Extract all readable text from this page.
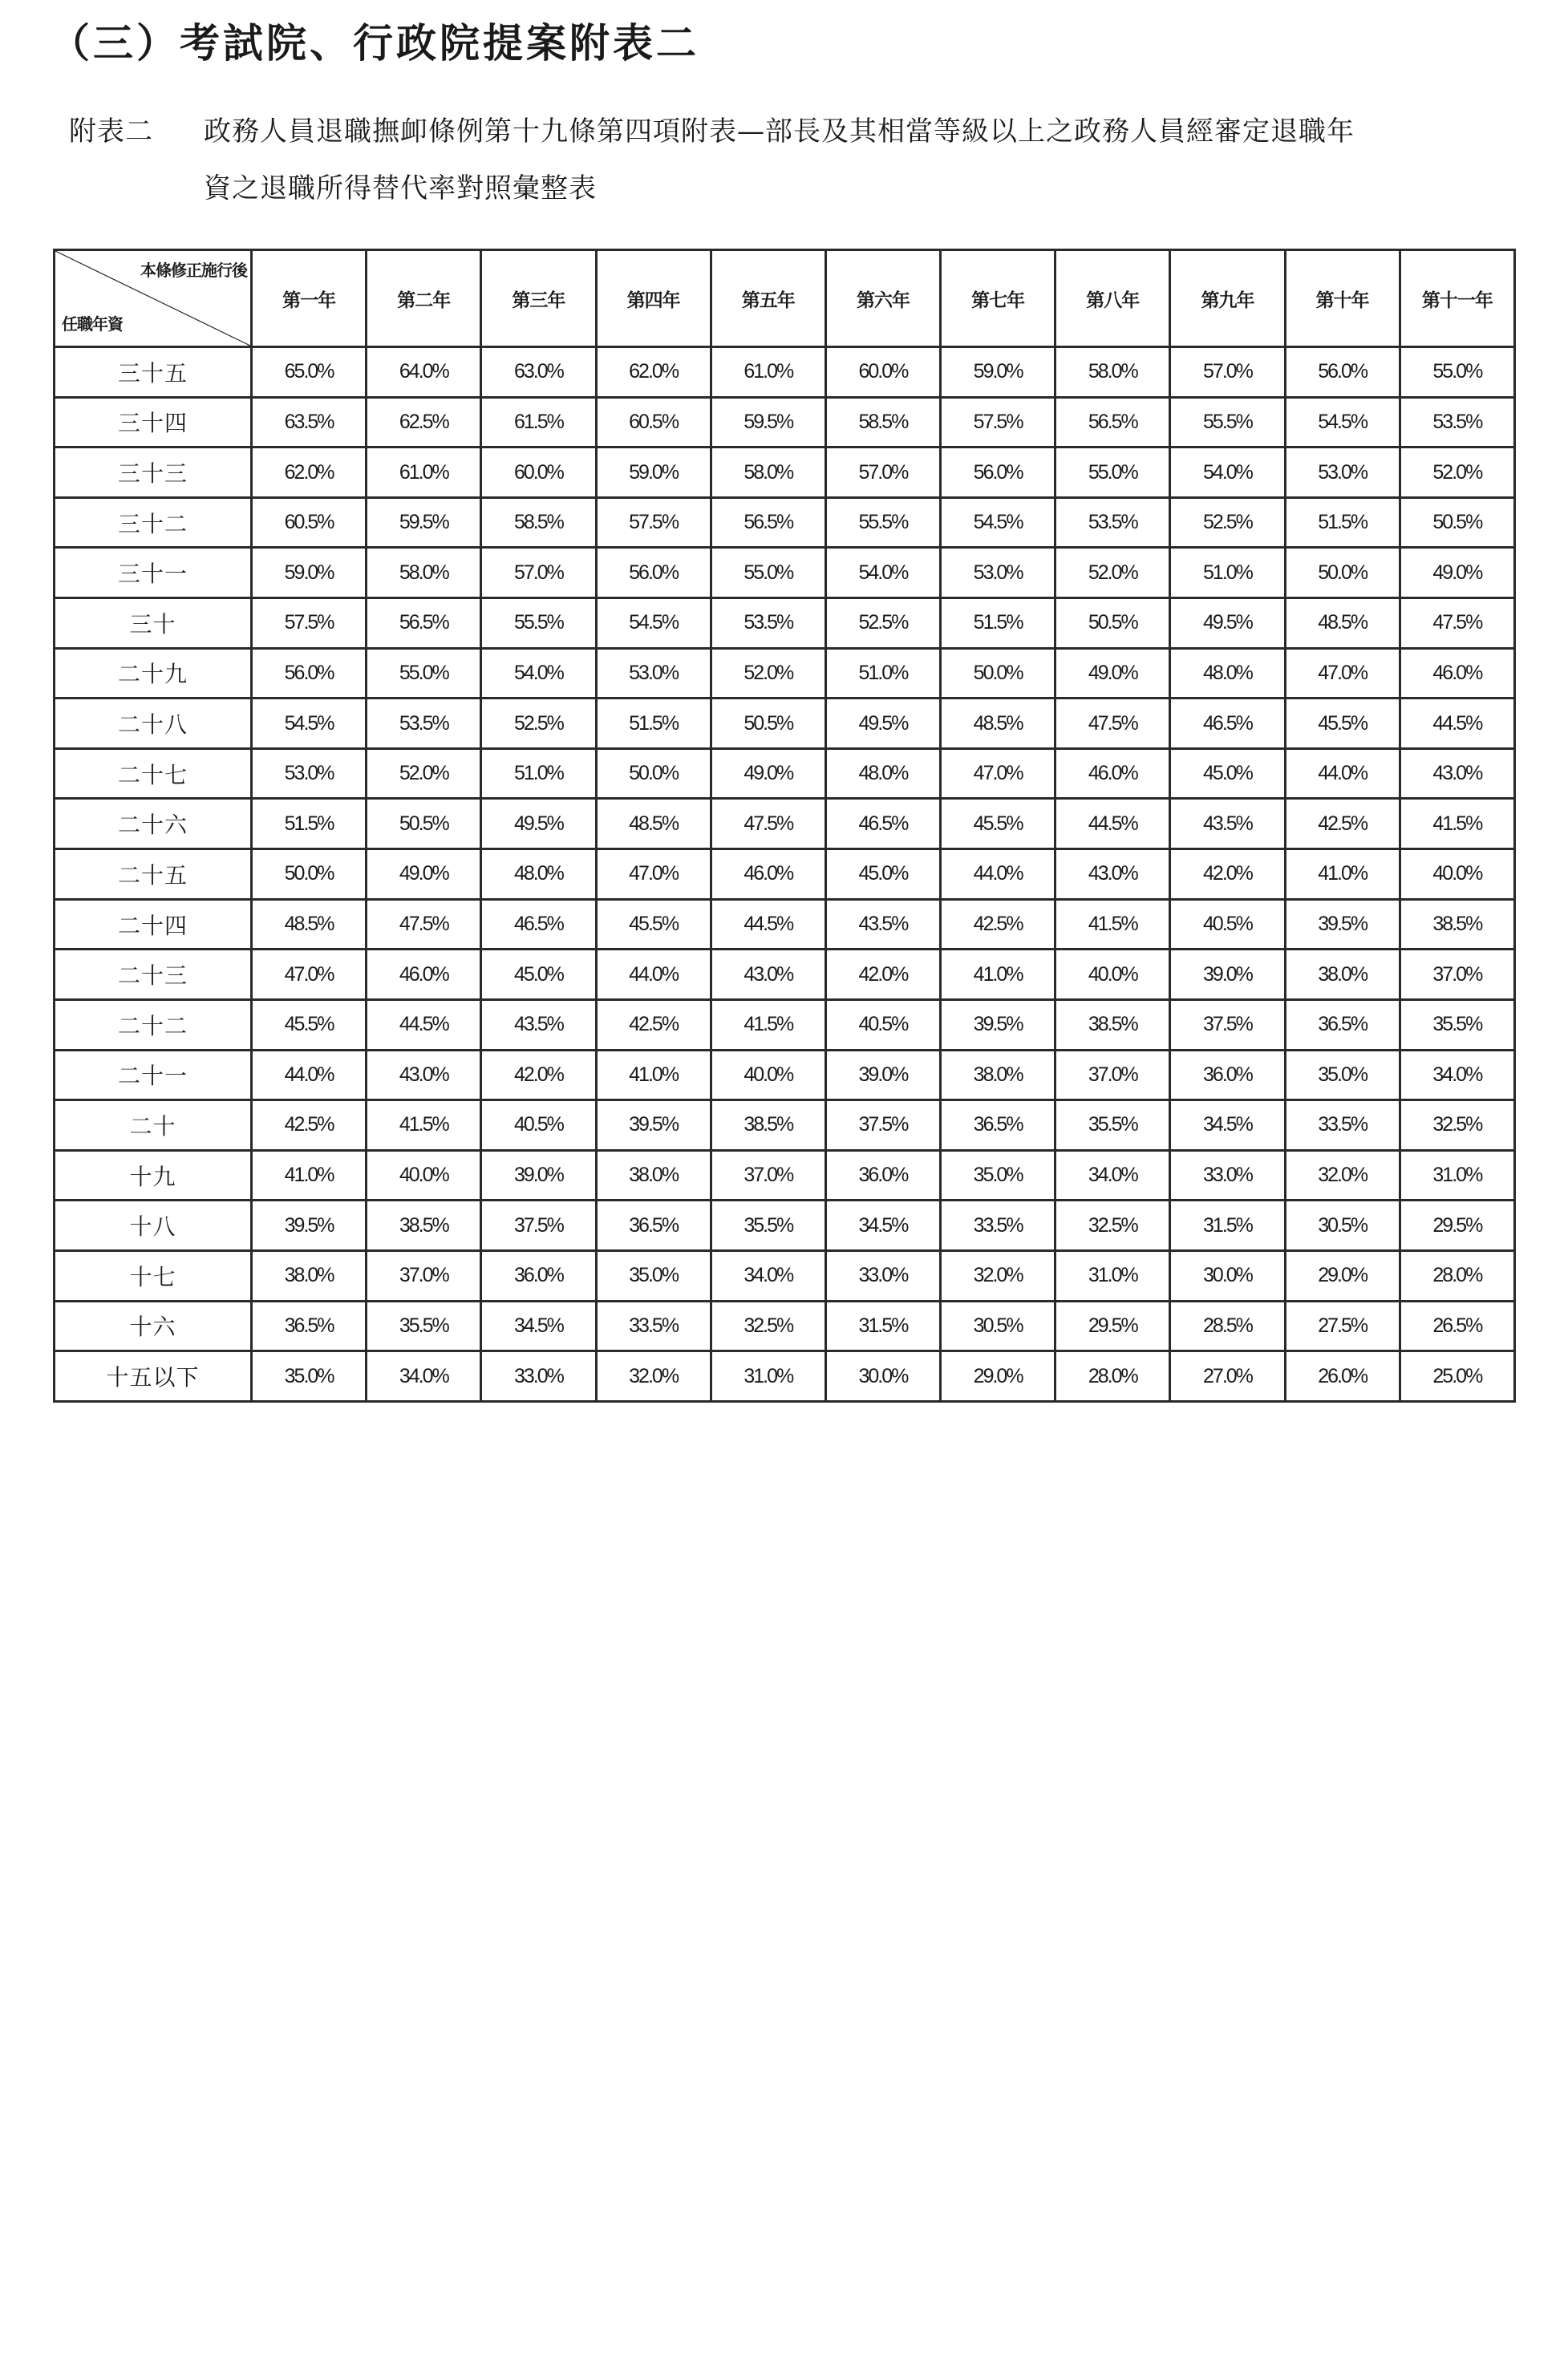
（三）考試院、行政院提案附表二
附表二	政務人員退職撫卹條例第十九條第四項附表—部長及其相當等級以上之政務人員經審定退職年
資之退職所得替代率對照彙整表
本條修正施行後
任職年資	第一年	第二年	第三年	第四年	第五年	第六年	第七年	第八年	第九年	第十年	第十一年
三十五	65.0%	64.0%	63.0%	62.0%	61.0%	60.0%	59.0%	58.0%	57.0%	56.0%	55.0%
三十四	63.5%	62.5%	61.5%	60.5%	59.5%	58.5%	57.5%	56.5%	55.5%	54.5%	53.5%
三十三	62.0%	61.0%	60.0%	59.0%	58.0%	57.0%	56.0%	55.0%	54.0%	53.0%	52.0%
三十二	60.5%	59.5%	58.5%	57.5%	56.5%	55.5%	54.5%	53.5%	52.5%	51.5%	50.5%
三十一	59.0%	58.0%	57.0%	56.0%	55.0%	54.0%	53.0%	52.0%	51.0%	50.0%	49.0%
三十	57.5%	56.5%	55.5%	54.5%	53.5%	52.5%	51.5%	50.5%	49.5%	48.5%	47.5%
二十九	56.0%	55.0%	54.0%	53.0%	52.0%	51.0%	50.0%	49.0%	48.0%	47.0%	46.0%
二十八	54.5%	53.5%	52.5%	51.5%	50.5%	49.5%	48.5%	47.5%	46.5%	45.5%	44.5%
二十七	53.0%	52.0%	51.0%	50.0%	49.0%	48.0%	47.0%	46.0%	45.0%	44.0%	43.0%
二十六	51.5%	50.5%	49.5%	48.5%	47.5%	46.5%	45.5%	44.5%	43.5%	42.5%	41.5%
二十五	50.0%	49.0%	48.0%	47.0%	46.0%	45.0%	44.0%	43.0%	42.0%	41.0%	40.0%
二十四	48.5%	47.5%	46.5%	45.5%	44.5%	43.5%	42.5%	41.5%	40.5%	39.5%	38.5%
二十三	47.0%	46.0%	45.0%	44.0%	43.0%	42.0%	41.0%	40.0%	39.0%	38.0%	37.0%
二十二	45.5%	44.5%	43.5%	42.5%	41.5%	40.5%	39.5%	38.5%	37.5%	36.5%	35.5%
二十一	44.0%	43.0%	42.0%	41.0%	40.0%	39.0%	38.0%	37.0%	36.0%	35.0%	34.0%
二十	42.5%	41.5%	40.5%	39.5%	38.5%	37.5%	36.5%	35.5%	34.5%	33.5%	32.5%
十九	41.0%	40.0%	39.0%	38.0%	37.0%	36.0%	35.0%	34.0%	33.0%	32.0%	31.0%
十八	39.5%	38.5%	37.5%	36.5%	35.5%	34.5%	33.5%	32.5%	31.5%	30.5%	29.5%
十七	38.0%	37.0%	36.0%	35.0%	34.0%	33.0%	32.0%	31.0%	30.0%	29.0%	28.0%
十六	36.5%	35.5%	34.5%	33.5%	32.5%	31.5%	30.5%	29.5%	28.5%	27.5%	26.5%
十五以下	35.0%	34.0%	33.0%	32.0%	31.0%	30.0%	29.0%	28.0%	27.0%	26.0%	25.0%
